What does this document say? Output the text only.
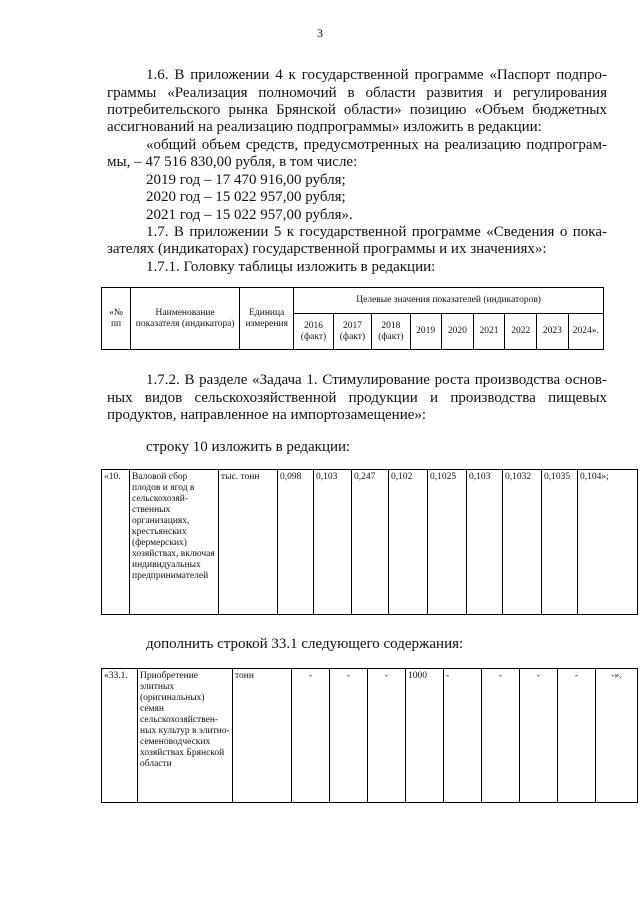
3
1.6. В приложении 4 к государственной программе «Паспорт подпро-
граммы «Реализация полномочий в области развития и регулирования
потребительского рынка Брянской области» позицию «Объем бюджетных
ассигнований на реализацию подпрограммы» изложить в редакции:
«общий объем средств, предусмотренных на реализацию подпрограм-
мы, – 47 516 830,00 рубля, в том числе:
2019 год – 17 470 916,00 рубля;
2020 год – 15 022 957,00 рубля;
2021 год – 15 022 957,00 рубля».
1.7. В приложении 5 к государственной программе «Сведения о пока-
зателях (индикаторах) государственной программы и их значениях»:
1.7.1. Головку таблицы изложить в редакции:
«№ пп	Наименование показателя (индикатора)	Единица измерения	Целевые значения показателей (индикаторов)								
			2016 (факт)	2017 (факт)	2018 (факт)	2019	2020	2021	2022	2023	2024».
1.7.2. В разделе «Задача 1. Стимулирование роста производства основ-
ных видов сельскохозяйственной продукции и производства пищевых
продуктов, направленное на импортозамещение»:
строку 10 изложить в редакции:
«10.	Валовой сбор плодов и ягод в сельскохозяй-ственных организациях, крестьянских (фермерских) хозяйствах, включая индивидуальных предпринимателей	тыс. тонн	0,098	0,103	0,247	0,102	0,1025	0,103	0,1032	0,1035	0,104»;
дополнить строкой 33.1 следующего содержания:
«33.1.	Приобретение элитных (оригинальных) семян сельскохозяйствен-ных культур в элитно-семеноводческих хозяйствах Брянской области	тонн	-	-	-	1000	-	-	-	-	-».
